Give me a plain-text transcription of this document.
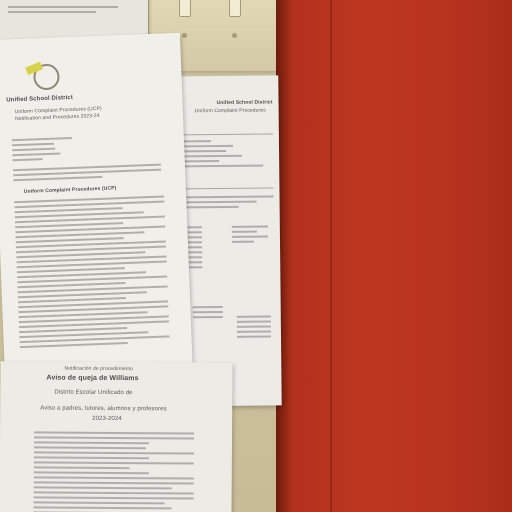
Unified School District

Uniform Complaint Procedures

Unified School District

Uniform Complaint Procedures (UCP)

Notification and Procedures 2023-24

Uniform Complaint Procedures (UCP)

Notificación de procedimiento

Aviso de queja de Williams

Distrito Escolar Unificado de

Aviso a padres, tutores, alumnos y profesores

2023-2024
